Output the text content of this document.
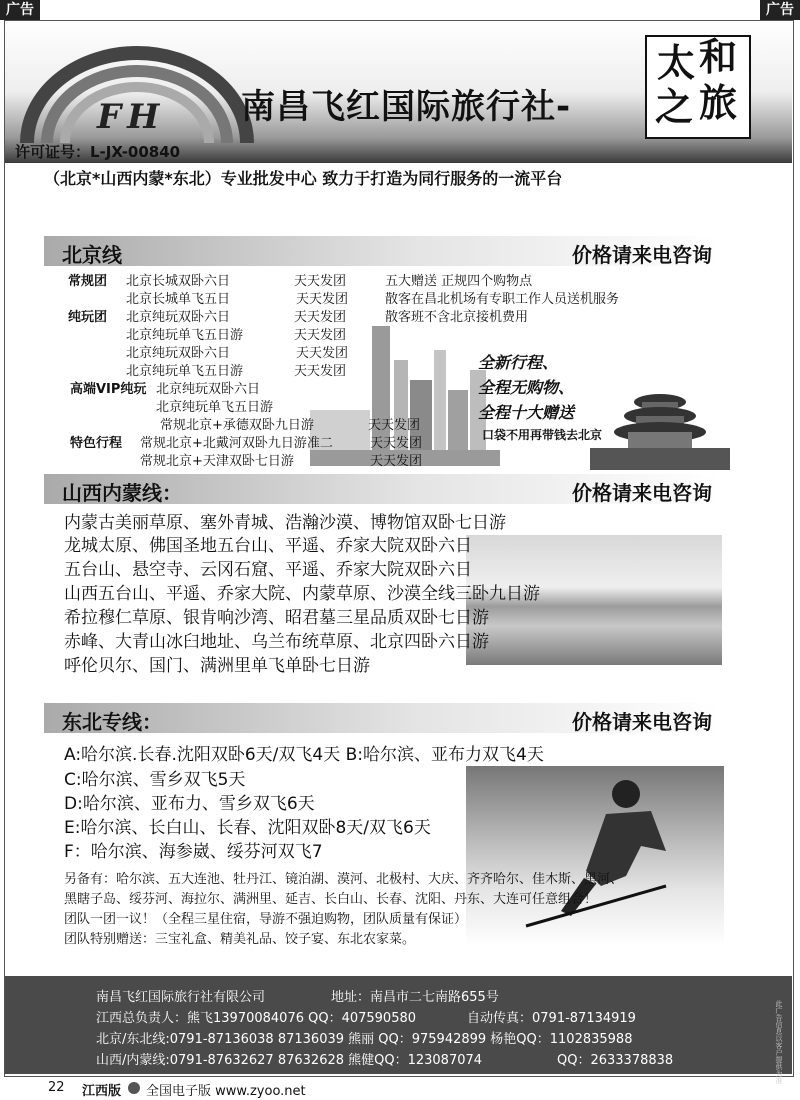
广告	广告
FH
许可证号：L-JX-00840
南昌飞红国际旅行社-
太 和
之 旅
（北京*山西内蒙*东北）专业批发中心 致力于打造为同行服务的一流平台
北京线	价格请来电咨询
常规团 北京长城双卧六日	天天发团	五大赠送 正规四个购物点
北京长城单飞五日	天天发团	散客在昌北机场有专职工作人员送机服务
纯玩团 北京纯玩双卧六日	天天发团	散客班不含北京接机费用
北京纯玩单飞五日游	天天发团
北京纯玩双卧六日	天天发团
北京纯玩单飞五日游	天天发团
高端VIP纯玩 北京纯玩双卧六日
北京纯玩单飞五日游
常规北京+承德双卧九日游	天天发团
特色行程 常规北京+北戴河双卧九日游准二	天天发团
常规北京+天津双卧七日游	天天发团
全新行程、
全程无购物、
全程十大赠送
口袋不用再带钱去北京
山西内蒙线：	价格请来电咨询
内蒙古美丽草原、塞外青城、浩瀚沙漠、博物馆双卧七日游
龙城太原、佛国圣地五台山、平遥、乔家大院双卧六日
五台山、悬空寺、云冈石窟、平遥、乔家大院双卧六日
山西五台山、平遥、乔家大院、内蒙草原、沙漠全线三卧九日游
希拉穆仁草原、银肯响沙湾、昭君墓三星品质双卧七日游
赤峰、大青山冰臼地址、乌兰布统草原、北京四卧六日游
呼伦贝尔、国门、满洲里单飞单卧七日游
东北专线：	价格请来电咨询
A:哈尔滨.长春.沈阳双卧6天/双飞4天 B:哈尔滨、亚布力双飞4天
C:哈尔滨、雪乡双飞5天
D:哈尔滨、亚布力、雪乡双飞6天
E:哈尔滨、长白山、长春、沈阳双卧8天/双飞6天
F：哈尔滨、海参崴、绥芬河双飞7
另备有：哈尔滨、五大连池、牡丹江、镜泊湖、漠河、北极村、大庆、齐齐哈尔、佳木斯、黑河、
黑瞎子岛、绥芬河、海拉尔、满洲里、延吉、长白山、长春、沈阳、丹东、大连可任意组合！
团队一团一议！（全程三星住宿，导游不强迫购物，团队质量有保证）
团队特别赠送：三宝礼盒、精美礼品、饺子宴、东北农家菜。
南昌飞红国际旅行社有限公司	地址：南昌市二七南路655号
江西总负责人：熊飞13970084076 QQ：407590580	自动传真：0791-87134919
北京/东北线:0791-87136038 87136039 熊丽 QQ：975942899 杨艳QQ：1102835988
山西/内蒙线:0791-87632627 87632628 熊健QQ：123087074	QQ：2633378838	此广告信息以客户提供为准
22 江西版 全国电子版 www.zyoo.net
